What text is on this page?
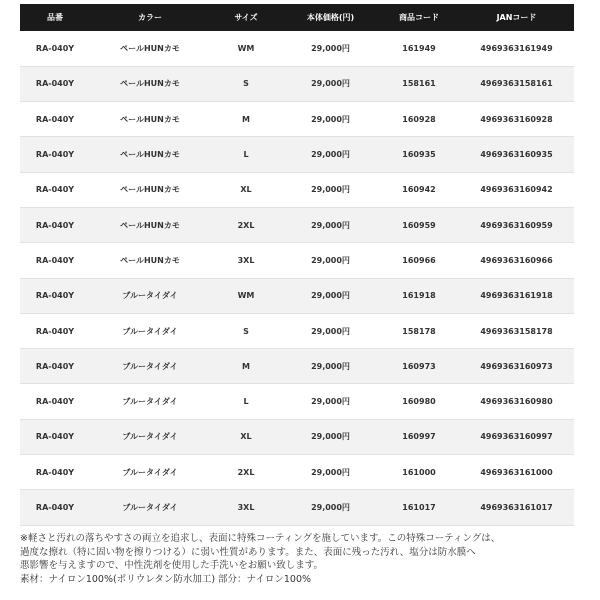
品番	カラー	サイズ	本体価格(円)	商品コード	JANコード
RA-040Y	ペールHUNカモ	WM	29,000円	161949	4969363161949
RA-040Y	ペールHUNカモ	S	29,000円	158161	4969363158161
RA-040Y	ペールHUNカモ	M	29,000円	160928	4969363160928
RA-040Y	ペールHUNカモ	L	29,000円	160935	4969363160935
RA-040Y	ペールHUNカモ	XL	29,000円	160942	4969363160942
RA-040Y	ペールHUNカモ	2XL	29,000円	160959	4969363160959
RA-040Y	ペールHUNカモ	3XL	29,000円	160966	4969363160966
RA-040Y	ブルータイダイ	WM	29,000円	161918	4969363161918
RA-040Y	ブルータイダイ	S	29,000円	158178	4969363158178
RA-040Y	ブルータイダイ	M	29,000円	160973	4969363160973
RA-040Y	ブルータイダイ	L	29,000円	160980	4969363160980
RA-040Y	ブルータイダイ	XL	29,000円	160997	4969363160997
RA-040Y	ブルータイダイ	2XL	29,000円	161000	4969363161000
RA-040Y	ブルータイダイ	3XL	29,000円	161017	4969363161017

※軽さと汚れの落ちやすさの両立を追求し、表面に特殊コーティングを施しています。この特殊コーティングは、

過度な擦れ（特に固い物を擦りつける）に弱い性質があります。また、表面に残った汚れ、塩分は防水膜へ

悪影響を与えますので、中性洗剤を使用した手洗いをお願い致します。

素材：ナイロン100%(ポリウレタン防水加工) 部分：ナイロン100%
